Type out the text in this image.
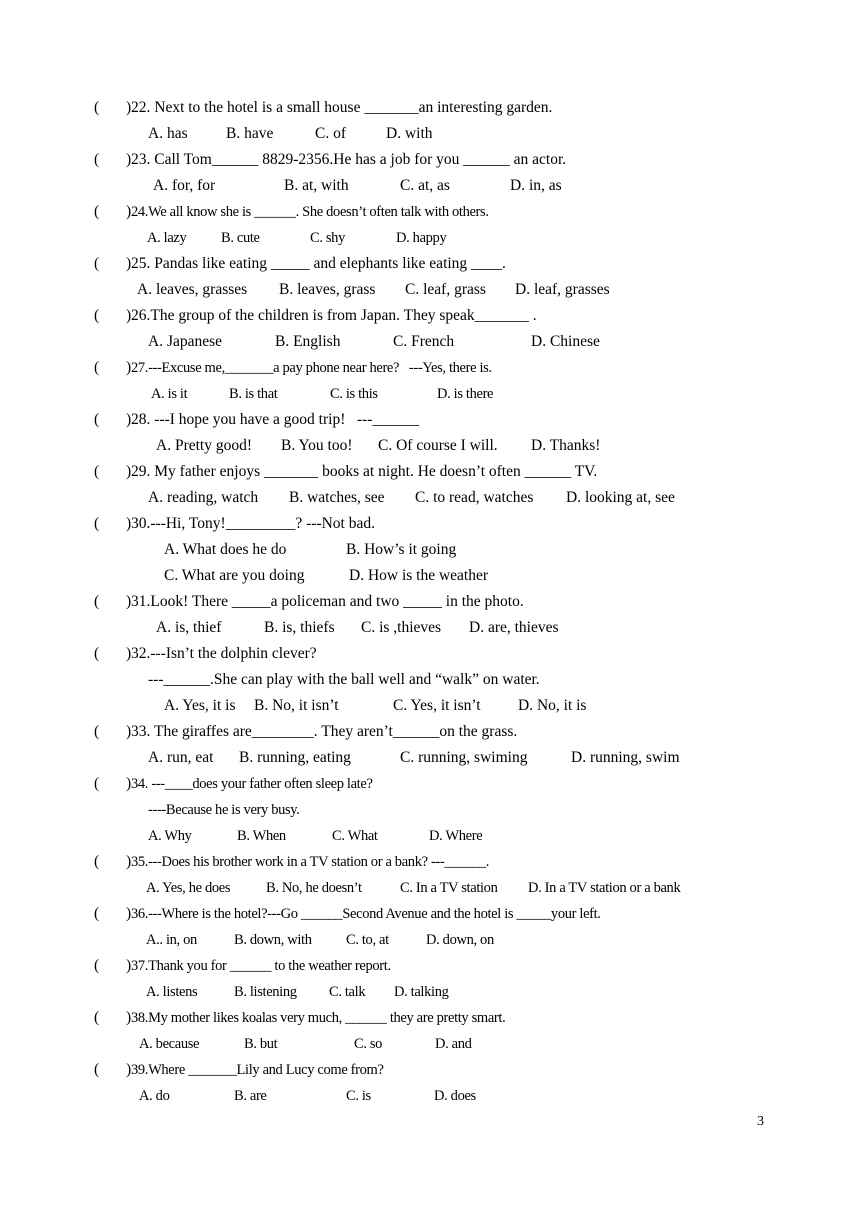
( ) 22. Next to the hotel is a small house _______an interesting garden.
A. has B. have	C. of	D. with
( ) 23. Call Tom______ 8829-2356.He has a job for you ______ an actor.
A. for, for	B. at, with	C. at, as	D. in, as
( ) 24.We all know she is ______. She doesn’t often talk with others.
A. lazy B. cute	C. shy	D. happy
( ) 25. Pandas like eating _____ and elephants like eating ____.
A. leaves, grasses B. leaves, grass C. leaf, grass D. leaf, grasses
( ) 26.The group of the children is from Japan. They speak_______ .
A. Japanese	B. English	C. French	D. Chinese
( ) 27.---Excuse me,_______a pay phone near here?   ---Yes, there is.
A. is it	B. is that	C. is this	D. is there
( ) 28. ---I hope you have a good trip!   ---______
A. Pretty good! B. You too! C. Of course I will. D. Thanks!
( ) 29. My father enjoys _______ books at night. He doesn’t often ______ TV.
A. reading, watch B. watches, see C. to read, watches D. looking at, see
( ) 30.---Hi, Tony!_________? ---Not bad.
A. What does he do	B. How’s it going
C. What are you doing	D. How is the weather
( ) 31.Look! There _____a policeman and two _____ in the photo.
A. is, thief	B. is, thiefs C. is ,thieves D. are, thieves
( ) 32.---Isn’t the dolphin clever?
---______.She can play with the ball well and “walk” on water.
A. Yes, it is B. No, it isn’t	C. Yes, it isn’t D. No, it is
( ) 33. The giraffes are________. They aren’t______on the grass.
A. run, eat B. running, eating	C. running, swiming	D. running, swim
( ) 34. ---____does your father often sleep late?
----Because he is very busy.
A. Why	B. When	C. What	D. Where
( ) 35.---Does his brother work in a TV station or a bank? ---______.
A. Yes, he does B. No, he doesn’t	C. In a TV station D. In a TV station or a bank
( ) 36.---Where is the hotel?---Go ______Second Avenue and the hotel is _____your left.
A.. in, on	B. down, with C. to, at	D. down, on
( ) 37.Thank you for ______ to the weather report.
A. listens	B. listening C. talk D. talking
( ) 38.My mother likes koalas very much, ______ they are pretty smart.
A. because	B. but	C. so	D. and
( ) 39.Where _______Lily and Lucy come from?
A. do	B. are	C. is	D. does
3
